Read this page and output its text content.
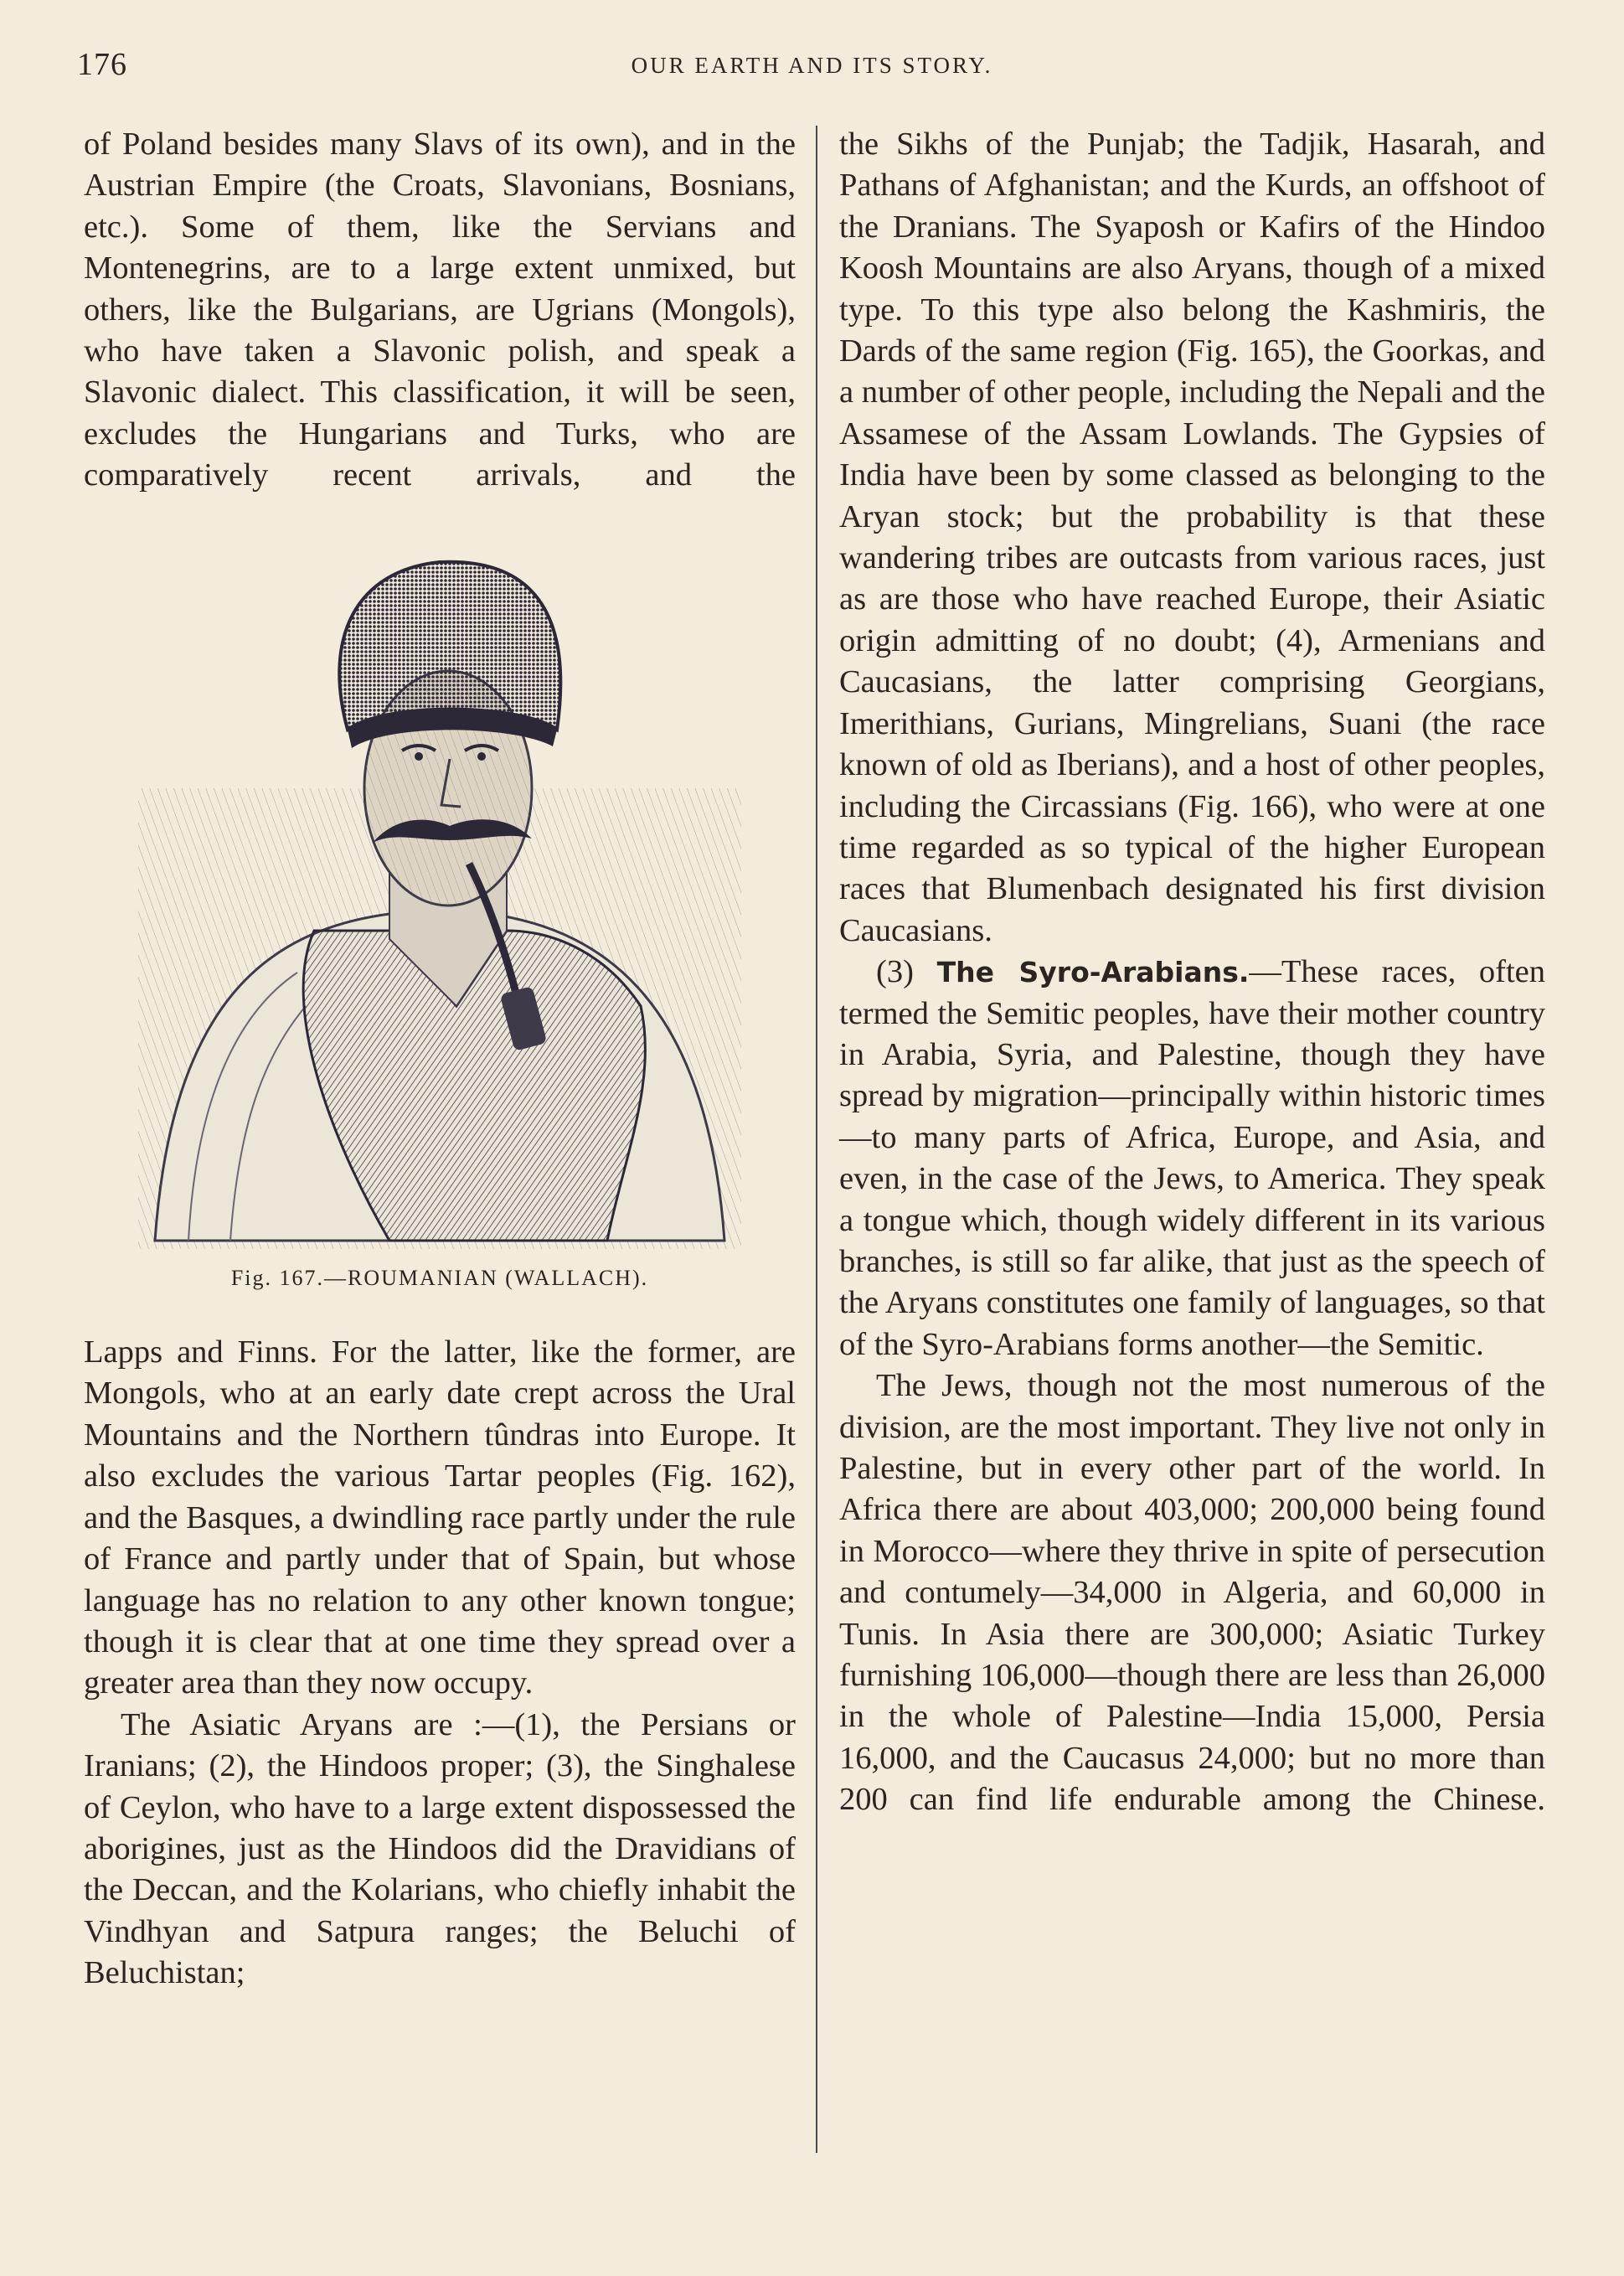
176	OUR EARTH AND ITS STORY.

of Poland besides many Slavs of its own), and in the Austrian Empire (the Croats, Slavonians, Bosnians, etc.). Some of them, like the Servians and Montenegrins, are to a large extent unmixed, but others, like the Bulgarians, are Ugrians (Mongols), who have taken a Slavonic polish, and speak a Slavonic dialect. This classification, it will be seen, excludes the Hungarians and Turks, who are comparatively recent arrivals, and the

Fig. 167.—ROUMANIAN (WALLACH).

Lapps and Finns. For the latter, like the former, are Mongols, who at an early date crept across the Ural Mountains and the Northern tûndras into Europe. It also excludes the various Tartar peoples (Fig. 162), and the Basques, a dwindling race partly under the rule of France and partly under that of Spain, but whose language has no relation to any other known tongue; though it is clear that at one time they spread over a greater area than they now occupy.

The Asiatic Aryans are :—(1), the Persians or Iranians; (2), the Hindoos proper; (3), the Singhalese of Ceylon, who have to a large extent dispossessed the aborigines, just as the Hindoos did the Dravidians of the Deccan, and the Kolarians, who chiefly inhabit the Vindhyan and Satpura ranges; the Beluchi of Beluchistan;

the Sikhs of the Punjab; the Tadjik, Hasarah, and Pathans of Afghanistan; and the Kurds, an offshoot of the Dranians. The Syaposh or Kafirs of the Hindoo Koosh Mountains are also Aryans, though of a mixed type. To this type also belong the Kashmiris, the Dards of the same region (Fig. 165), the Goorkas, and a number of other people, including the Nepali and the Assamese of the Assam Lowlands. The Gypsies of India have been by some classed as belonging to the Aryan stock; but the probability is that these wandering tribes are outcasts from various races, just as are those who have reached Europe, their Asiatic origin admitting of no doubt; (4), Armenians and Caucasians, the latter comprising Georgians, Imerithians, Gurians, Mingrelians, Suani (the race known of old as Iberians), and a host of other peoples, including the Circassians (Fig. 166), who were at one time regarded as so typical of the higher European races that Blumenbach designated his first division Caucasians.

(3) The Syro-Arabians.—These races, often termed the Semitic peoples, have their mother country in Arabia, Syria, and Palestine, though they have spread by migration—principally within historic times—to many parts of Africa, Europe, and Asia, and even, in the case of the Jews, to America. They speak a tongue which, though widely different in its various branches, is still so far alike, that just as the speech of the Aryans constitutes one family of languages, so that of the Syro-Arabians forms another—the Semitic.

The Jews, though not the most numerous of the division, are the most important. They live not only in Palestine, but in every other part of the world. In Africa there are about 403,000; 200,000 being found in Morocco—where they thrive in spite of persecution and contumely—34,000 in Algeria, and 60,000 in Tunis. In Asia there are 300,000; Asiatic Turkey furnishing 106,000—though there are less than 26,000 in the whole of Palestine—India 15,000, Persia 16,000, and the Caucasus 24,000; but no more than 200 can find life endurable among the Chinese.
